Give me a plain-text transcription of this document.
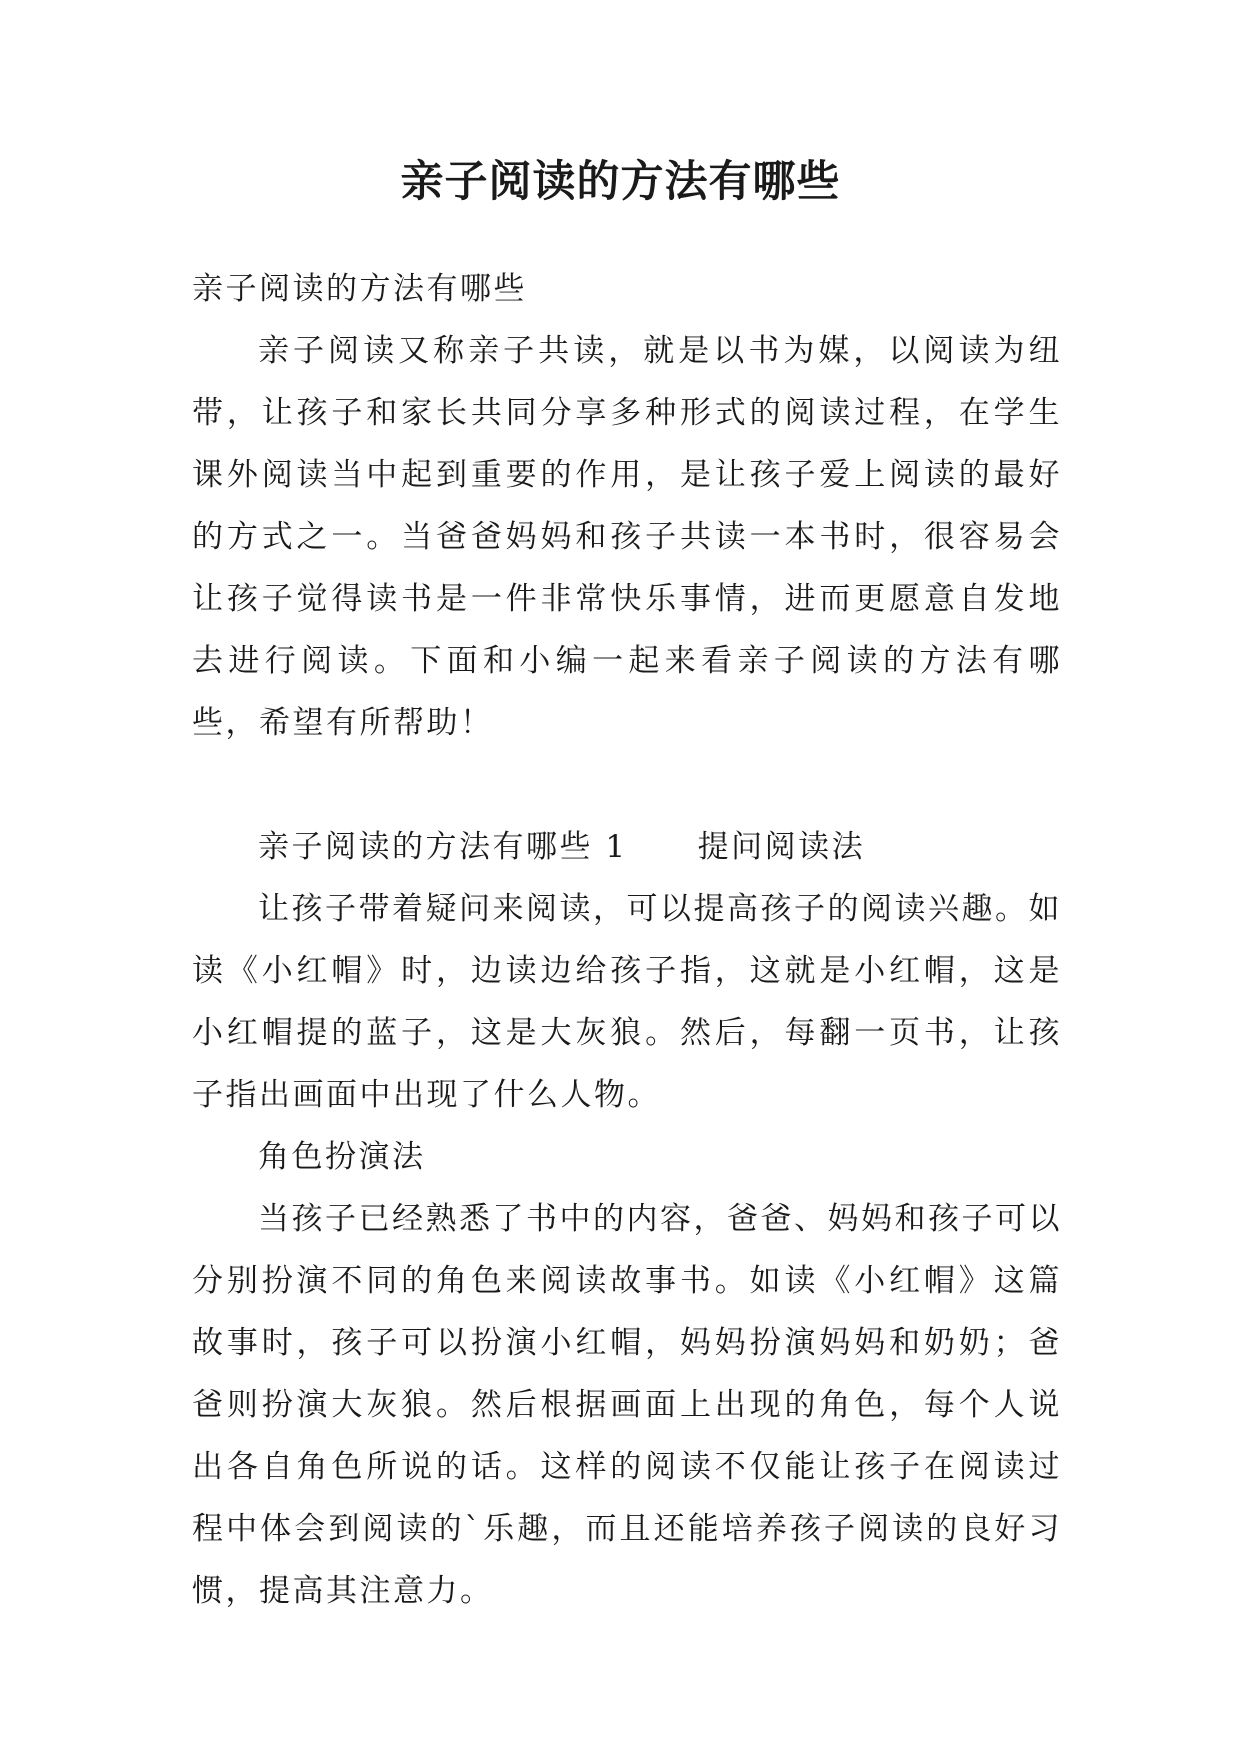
亲子阅读的方法有哪些

亲子阅读的方法有哪些

亲子阅读又称亲子共读，就是以书为媒，以阅读为纽带，让孩子和家长共同分享多种形式的阅读过程，在学生课外阅读当中起到重要的作用，是让孩子爱上阅读的最好的方式之一。当爸爸妈妈和孩子共读一本书时，很容易会让孩子觉得读书是一件非常快乐事情，进而更愿意自发地去进行阅读。下面和小编一起来看亲子阅读的方法有哪些，希望有所帮助！

亲子阅读的方法有哪些 1 提问阅读法

让孩子带着疑问来阅读，可以提高孩子的阅读兴趣。如读《小红帽》时，边读边给孩子指，这就是小红帽，这是小红帽提的蓝子，这是大灰狼。然后，每翻一页书，让孩子指出画面中出现了什么人物。

角色扮演法

当孩子已经熟悉了书中的内容，爸爸、妈妈和孩子可以分别扮演不同的角色来阅读故事书。如读《小红帽》这篇故事时，孩子可以扮演小红帽，妈妈扮演妈妈和奶奶；爸爸则扮演大灰狼。然后根据画面上出现的角色，每个人说出各自角色所说的话。这样的阅读不仅能让孩子在阅读过程中体会到阅读的`乐趣，而且还能培养孩子阅读的良好习惯，提高其注意力。
